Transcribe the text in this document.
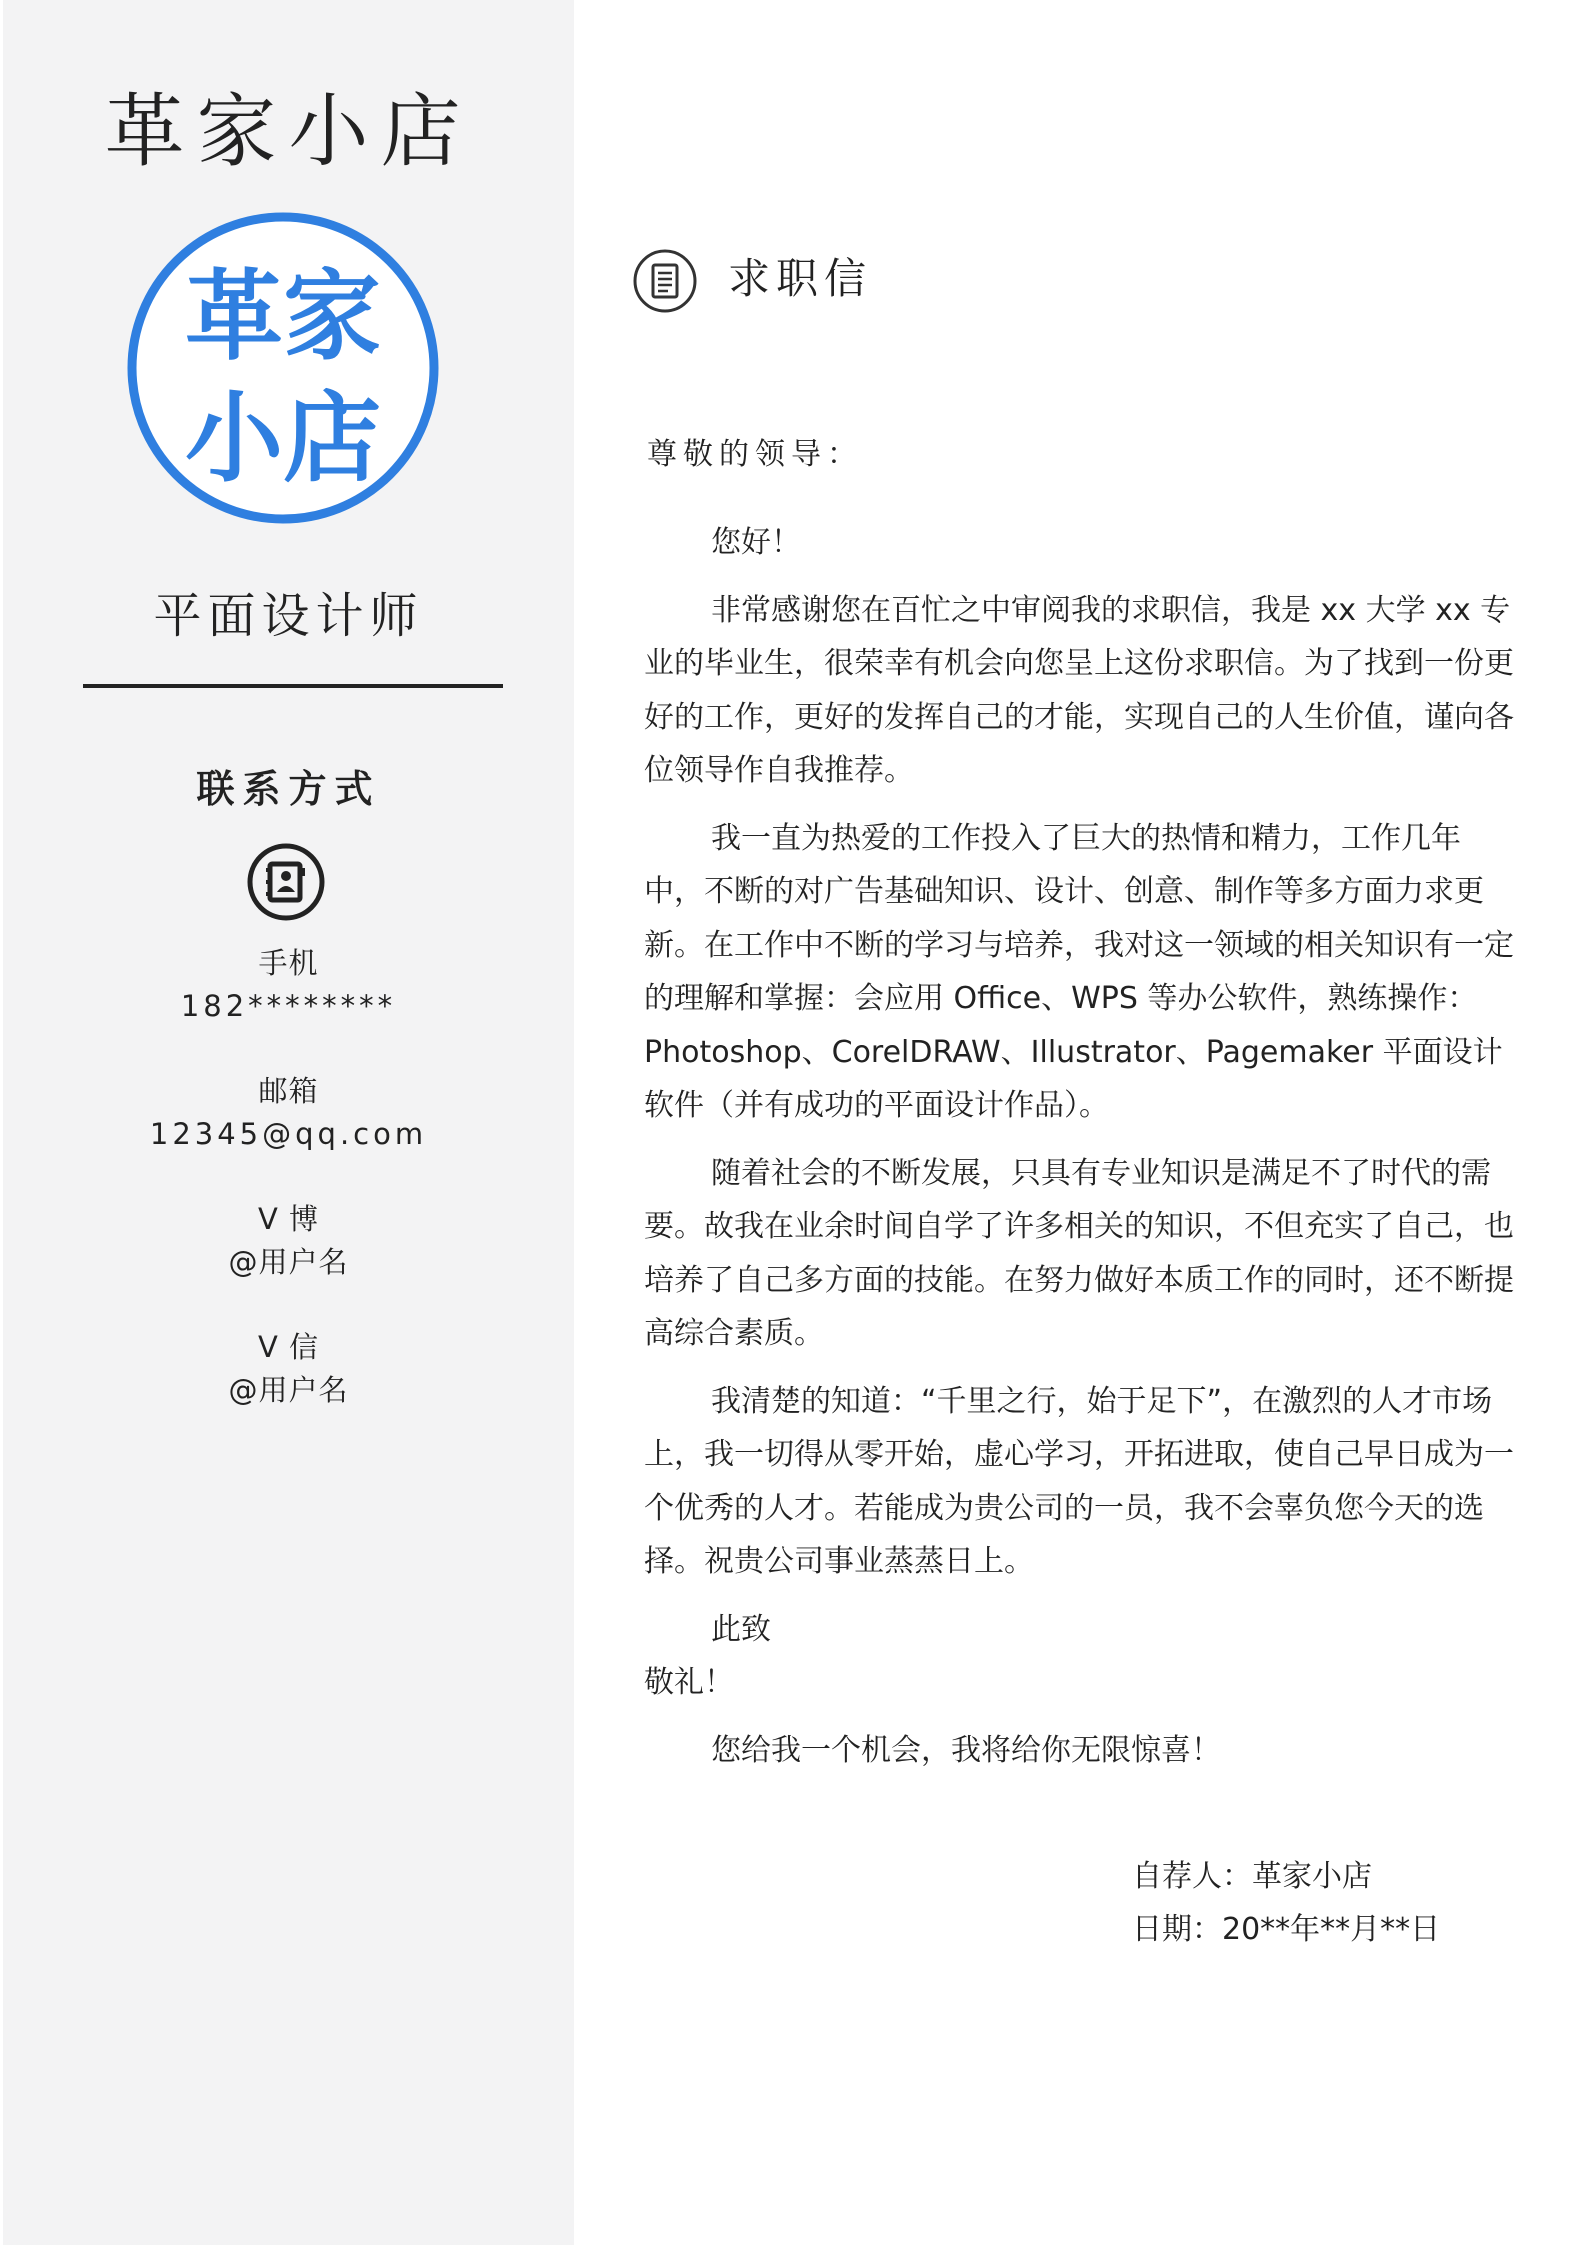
革家小店
革家
小店
平面设计师
联系方式
手机
182********
邮箱
12345@qq.com
V 博
@用户名
V 信
@用户名
求职信
尊敬的领导：
您好！

非常感谢您在百忙之中审阅我的求职信，我是 xx 大学 xx 专业的毕业生，很荣幸有机会向您呈上这份求职信。为了找到一份更好的工作，更好的发挥自己的才能，实现自己的人生价值，谨向各位领导作自我推荐。

我一直为热爱的工作投入了巨大的热情和精力，工作几年中，不断的对广告基础知识、设计、创意、制作等多方面力求更新。在工作中不断的学习与培养，我对这一领域的相关知识有一定的理解和掌握：会应用 Office、WPS 等办公软件，熟练操作：Photoshop、CorelDRAW、Illustrator、Pagemaker 平面设计软件（并有成功的平面设计作品）。

随着社会的不断发展，只具有专业知识是满足不了时代的需要。故我在业余时间自学了许多相关的知识，不但充实了自己，也培养了自己多方面的技能。在努力做好本质工作的同时，还不断提高综合素质。

我清楚的知道：“千里之行，始于足下”，在激烈的人才市场上，我一切得从零开始，虚心学习，开拓进取，使自己早日成为一个优秀的人才。若能成为贵公司的一员，我不会辜负您今天的选择。祝贵公司事业蒸蒸日上。

此致
敬礼！
您给我一个机会，我将给你无限惊喜！
自荐人：革家小店
日期：20**年**月**日
